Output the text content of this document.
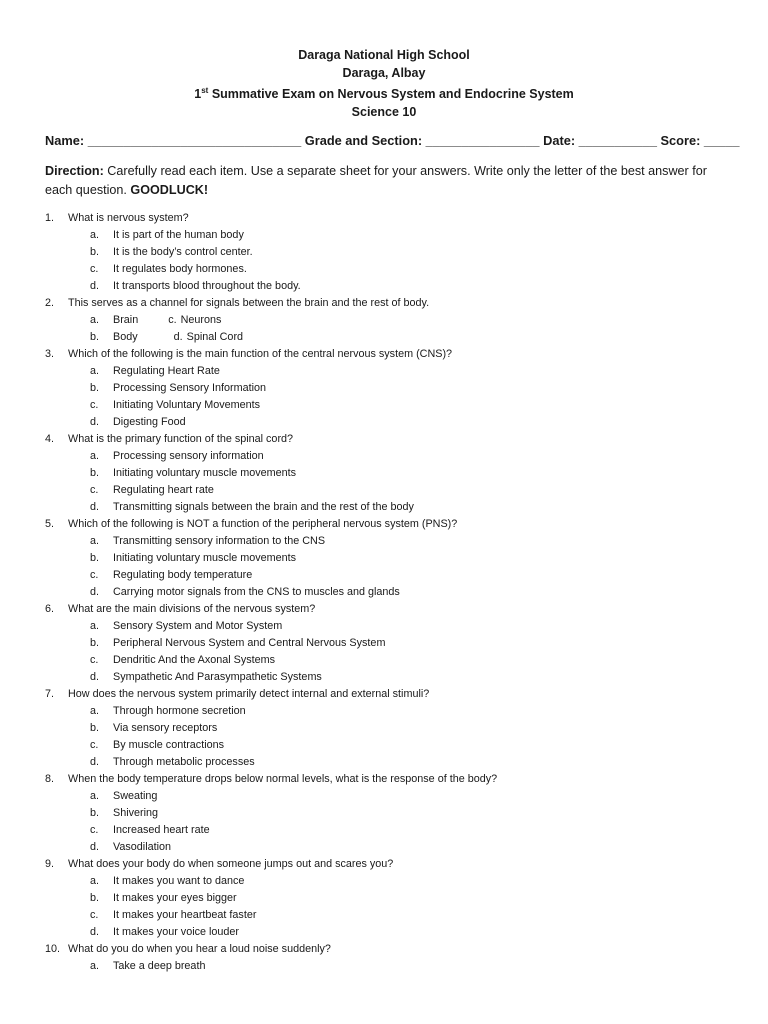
Daraga National High School
Daraga, Albay
1st Summative Exam on Nervous System and Endocrine System
Science 10
Name: ______________________________ Grade and Section: ________________ Date: ___________ Score: _____
Direction: Carefully read each item. Use a separate sheet for your answers. Write only the letter of the best answer for each question. GOODLUCK!
1.	What is nervous system?
a.	It is part of the human body
b.	It is the body’s control center.
c.	It regulates body hormones.
d.	It transports blood throughout the body.
2.	This serves as a channel for signals between the brain and the rest of body.
a.	Brain	c. Neurons
b.	Body	d. Spinal Cord
3.	Which of the following is the main function of the central nervous system (CNS)?
a.	Regulating Heart Rate
b.	Processing Sensory Information
c.	Initiating Voluntary Movements
d.	Digesting Food
4.	What is the primary function of the spinal cord?
a.	Processing sensory information
b.	Initiating voluntary muscle movements
c.	Regulating heart rate
d.	Transmitting signals between the brain and the rest of the body
5.	Which of the following is NOT a function of the peripheral nervous system (PNS)?
a.	Transmitting sensory information to the CNS
b.	Initiating voluntary muscle movements
c.	Regulating body temperature
d.	Carrying motor signals from the CNS to muscles and glands
6.	What are the main divisions of the nervous system?
a.	Sensory System and Motor System
b.	Peripheral Nervous System and Central Nervous System
c.	Dendritic And the Axonal Systems
d.	Sympathetic And Parasympathetic Systems
7.	How does the nervous system primarily detect internal and external stimuli?
a.	Through hormone secretion
b.	Via sensory receptors
c.	By muscle contractions
d.	Through metabolic processes
8.	When the body temperature drops below normal levels, what is the response of the body?
a.	Sweating
b.	Shivering
c.	Increased heart rate
d.	Vasodilation
9.	What does your body do when someone jumps out and scares you?
a.	It makes you want to dance
b.	It makes your eyes bigger
c.	It makes your heartbeat faster
d.	It makes your voice louder
10. What do you do when you hear a loud noise suddenly?
a.	Take a deep breath
